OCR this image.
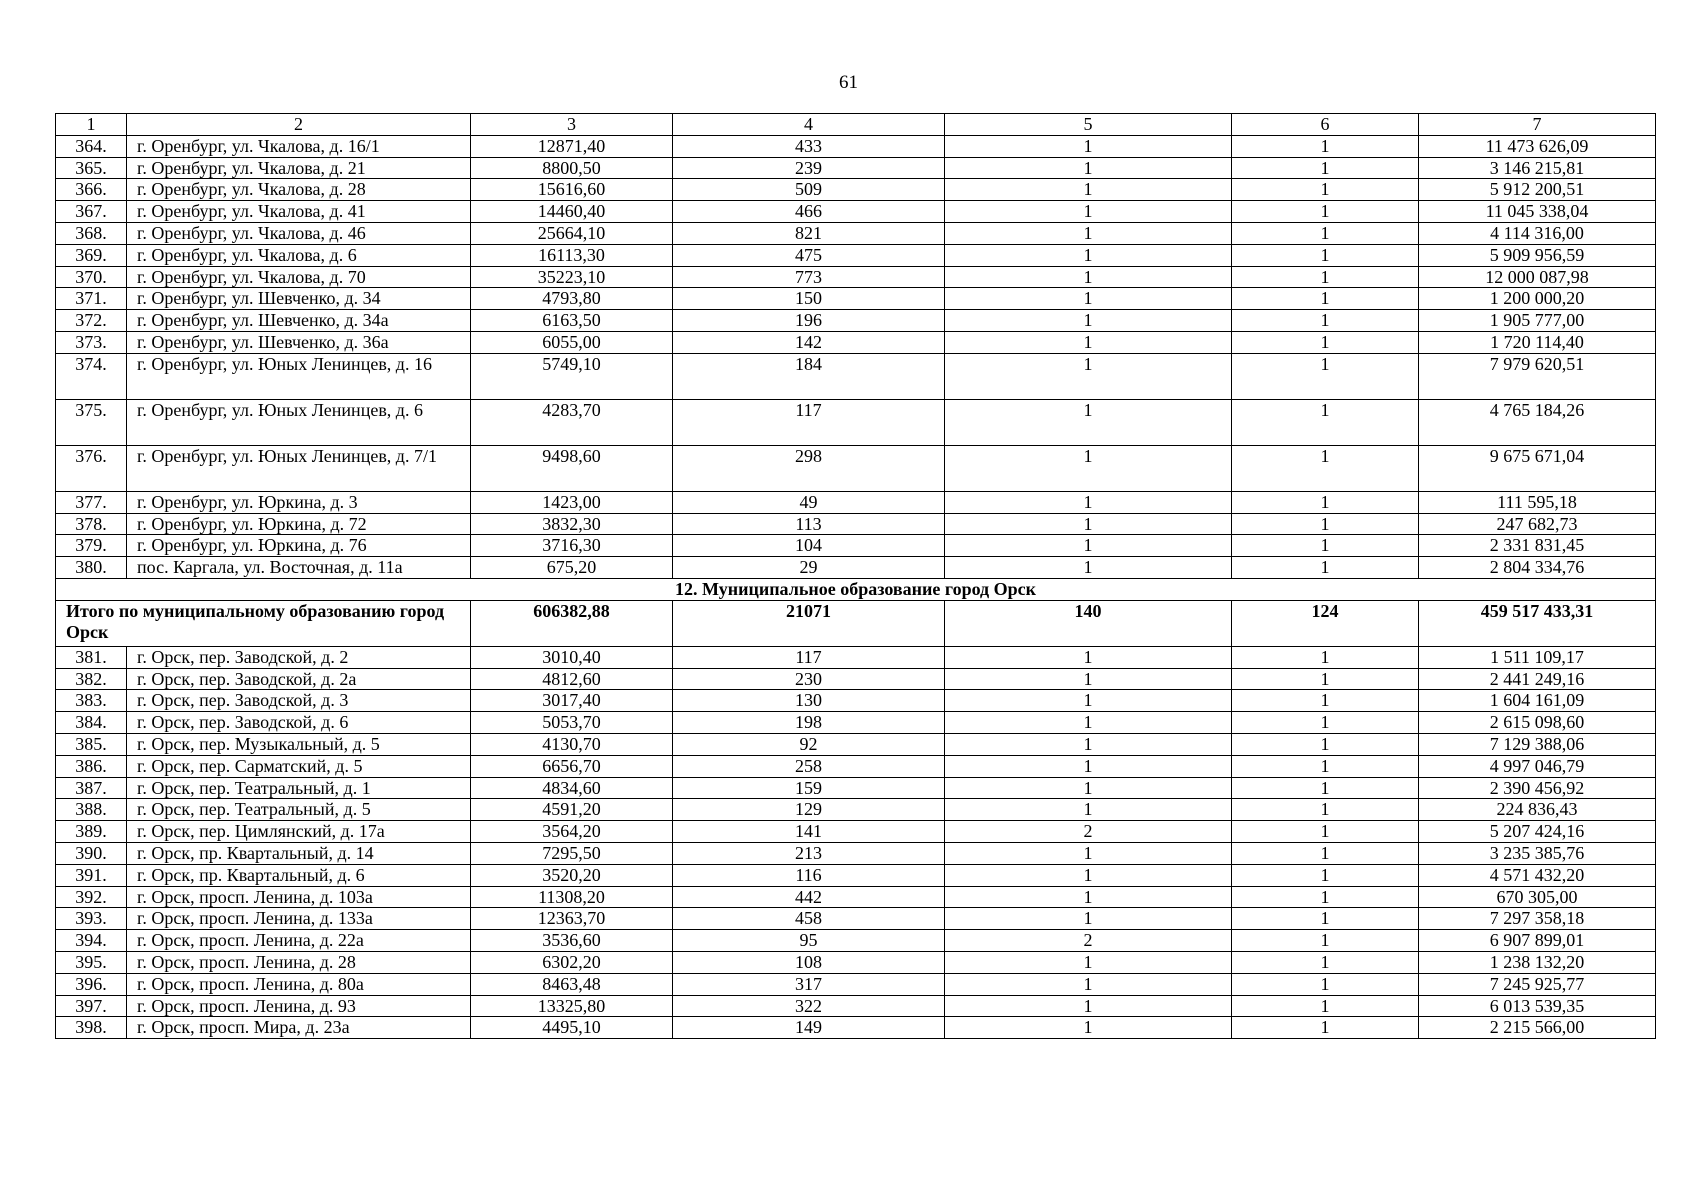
61
1	2	3	4	5	6	7
364.	г. Оренбург, ул. Чкалова, д. 16/1	12871,40	433	1	1	11 473 626,09
365.	г. Оренбург, ул. Чкалова, д. 21	8800,50	239	1	1	3 146 215,81
366.	г. Оренбург, ул. Чкалова, д. 28	15616,60	509	1	1	5 912 200,51
367.	г. Оренбург, ул. Чкалова, д. 41	14460,40	466	1	1	11 045 338,04
368.	г. Оренбург, ул. Чкалова, д. 46	25664,10	821	1	1	4 114 316,00
369.	г. Оренбург, ул. Чкалова, д. 6	16113,30	475	1	1	5 909 956,59
370.	г. Оренбург, ул. Чкалова, д. 70	35223,10	773	1	1	12 000 087,98
371.	г. Оренбург, ул. Шевченко, д. 34	4793,80	150	1	1	1 200 000,20
372.	г. Оренбург, ул. Шевченко, д. 34а	6163,50	196	1	1	1 905 777,00
373.	г. Оренбург, ул. Шевченко, д. 36а	6055,00	142	1	1	1 720 114,40
374.	г. Оренбург, ул. Юных Ленинцев, д. 16	5749,10	184	1	1	7 979 620,51
375.	г. Оренбург, ул. Юных Ленинцев, д. 6	4283,70	117	1	1	4 765 184,26
376.	г. Оренбург, ул. Юных Ленинцев, д. 7/1	9498,60	298	1	1	9 675 671,04
377.	г. Оренбург, ул. Юркина, д. 3	1423,00	49	1	1	111 595,18
378.	г. Оренбург, ул. Юркина, д. 72	3832,30	113	1	1	247 682,73
379.	г. Оренбург, ул. Юркина, д. 76	3716,30	104	1	1	2 331 831,45
380.	пос. Каргала, ул. Восточная, д. 11а	675,20	29	1	1	2 804 334,76
12. Муниципальное образование город Орск						
Итого по муниципальному образованию город Орск		606382,88	21071	140	124	459 517 433,31
381.	г. Орск, пер. Заводской, д. 2	3010,40	117	1	1	1 511 109,17
382.	г. Орск, пер. Заводской, д. 2а	4812,60	230	1	1	2 441 249,16
383.	г. Орск, пер. Заводской, д. 3	3017,40	130	1	1	1 604 161,09
384.	г. Орск, пер. Заводской, д. 6	5053,70	198	1	1	2 615 098,60
385.	г. Орск, пер. Музыкальный, д. 5	4130,70	92	1	1	7 129 388,06
386.	г. Орск, пер. Сарматский, д. 5	6656,70	258	1	1	4 997 046,79
387.	г. Орск, пер. Театральный, д. 1	4834,60	159	1	1	2 390 456,92
388.	г. Орск, пер. Театральный, д. 5	4591,20	129	1	1	224 836,43
389.	г. Орск, пер. Цимлянский, д. 17а	3564,20	141	2	1	5 207 424,16
390.	г. Орск, пр. Квартальный, д. 14	7295,50	213	1	1	3 235 385,76
391.	г. Орск, пр. Квартальный, д. 6	3520,20	116	1	1	4 571 432,20
392.	г. Орск, просп. Ленина, д. 103а	11308,20	442	1	1	670 305,00
393.	г. Орск, просп. Ленина, д. 133а	12363,70	458	1	1	7 297 358,18
394.	г. Орск, просп. Ленина, д. 22а	3536,60	95	2	1	6 907 899,01
395.	г. Орск, просп. Ленина, д. 28	6302,20	108	1	1	1 238 132,20
396.	г. Орск, просп. Ленина, д. 80а	8463,48	317	1	1	7 245 925,77
397.	г. Орск, просп. Ленина, д. 93	13325,80	322	1	1	6 013 539,35
398.	г. Орск, просп. Мира, д. 23а	4495,10	149	1	1	2 215 566,00
